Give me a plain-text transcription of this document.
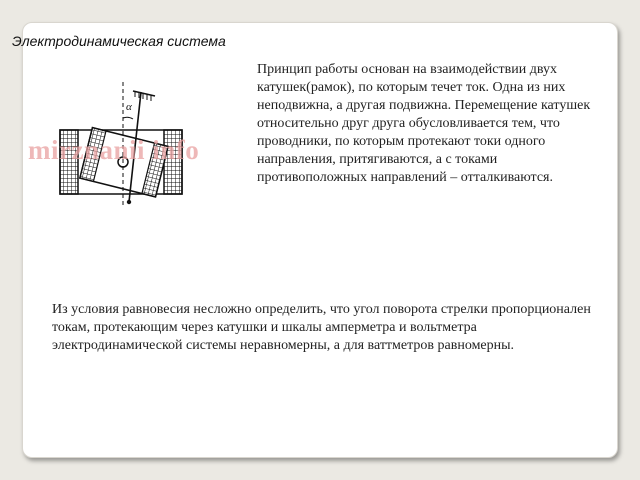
Электродинамическая система
α
mirznanii info
Принцип работы основан на взаимодействии двух катушек(рамок), по которым течет ток. Одна из них неподвижна, а другая подвижна. Перемещение катушек относительно друг друга обусловливается тем, что проводники, по которым протекают токи одного направления, притягиваются, а с токами противоположных направлений – отталкиваются.
Из условия равновесия несложно определить, что угол поворота стрелки пропорционален токам, протекающим через катушки и шкалы амперметра и вольтметра электродинамической системы неравномерны, а для ваттметров равномерны.
